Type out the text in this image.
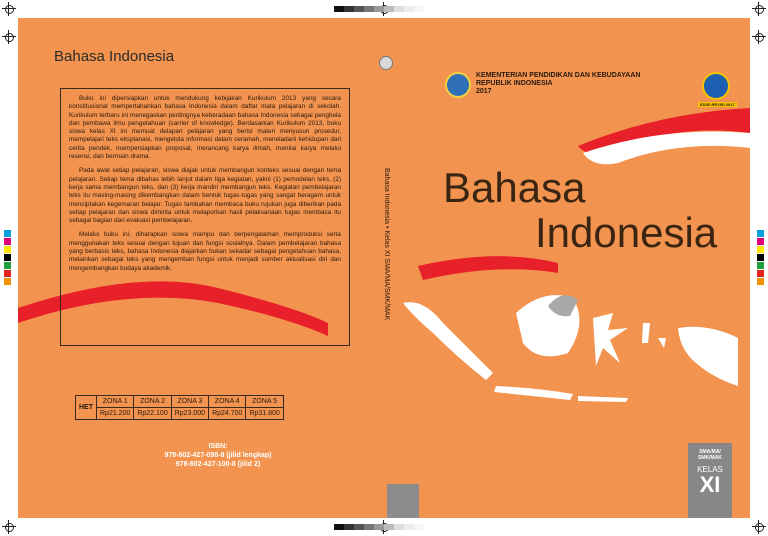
Bahasa Indonesia

Buku ini dipersiapkan untuk mendukung kebijakan Kurikulum 2013 yang secara konstitusional mempertahankan bahasa Indonesia dalam daftar mata pelajaran di sekolah. Kurikulum terbaru ini menegaskan pentingnya keberadaan bahasa Indonesia sebagai penghela dan pembawa ilmu pengetahuan (carrier of knowledge). Berdasarkan Kurikulum 2013, buku siswa kelas XI ini memuat delapan pelajaran yang berisi materi menyusun prosedur, mempelajari teks eksplanasi, mengelola informasi dalam ceramah, meneladani kehidupan dari cerita pendek, mempersiapkan proposal, merancang karya ilmiah, menilai karya melalui resensi, dan bermain drama.

Pada awal setiap pelajaran, siswa diajak untuk membangun konteks sesuai dengan tema pelajaran. Setiap tema dibahas lebih lanjut dalam tiga kegiatan, yakni (1) pemodelan teks, (2) kerja sama membangun teks, dan (3) kerja mandiri membangun teks. Kegiatan pembelajaran teks itu masing-masing dikembangkan dalam bentuk tugas-tugas yang sangat beragam untuk menciptakan kegemaran belajar. Tugas tambahan membaca buku rujukan juga diberikan pada setiap pelajaran dan siswa diminta untuk melaporkan hasil pelaksanaan tugas membaca itu sebagai bagian dari evaluasi pembelajaran.

Melalui buku ini, diharapkan siswa mampu dan berpengalaman memproduksi serta menggunakan teks sesuai dengan tujuan dan fungsi sosialnya. Dalam pembelajaran bahasa yang berbasis teks, bahasa Indonesia diajarkan bukan sekadar sebagai pengetahuan bahasa, melainkan sebagai teks yang mengemban fungsi untuk menjadi sumber aktualisasi diri dan mengembangkan budaya akademik.

HET	ZONA 1	ZONA 2	ZONA 3	ZONA 4	ZONA 5
	Rp21.200	Rp22.100	Rp23.000	Rp24.700	Rp31.800
ISBN:
978-602-427-098-8 (jilid lengkap)
978-602-427-100-8 (jilid 2)
Bahasa Indonesia • Kelas XI SMA/MA/SMK/MAK
KEMENTERIAN PENDIDIKAN DAN KEBUDAYAAN
REPUBLIK INDONESIA
2017
EDISI REVISI 2017
Bahasa
Indonesia
SMA/MA/ SMK/MAK
KELAS
XI
